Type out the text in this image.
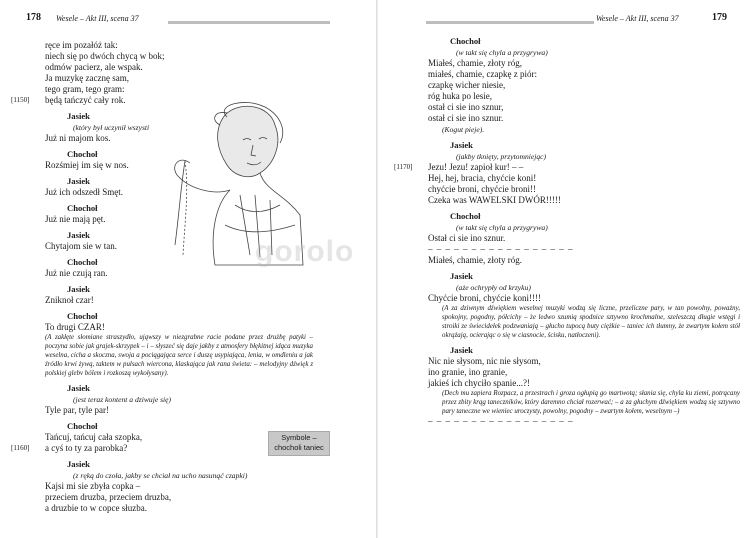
178 Wesele – Akt III, scena 37
ręce im pozałóż tak:
niech się po dwóch chycą w bok;
odmów pacierz, ale wspak.
Ja muzykę zacznę sam,
tego gram, tego gram:
[1150] będą tańczyć cały rok.
Jasiek
(który był uczynił wszysti
Już ni majom kos.
Chochoł
Rozśmiej im się w nos.
Jasiek
Już ich odszedł Smęt.
Chochoł
Już nie mają pęt.
Jasiek
Chytajom sie w tan.
Chochoł
Już nie czują ran.
Jasiek
Zniknoł czar!
Chochoł
To drugi CZAR!
(A zakłęte słomiane straszydło, ująwszy w niezgrabne racie podane przez drużbę patyki – poczyna sobie jak grajek-skrzypek – i – słyszeć się daje jakby z atmosfery błękitnej idąca muzyka weselna, cicha a skoczna, swoja a pociągająca serce i duszę usypiająca, lenia, w omdleniu a jak źródło krwi żywą, taktem w pulsach wiercona, klaskająca jak rana świeta: – melodyjny dźwięk z polskiej glebv bólem i rozkoszą wykołysany).
Jasiek
(jest teraz kontent a dziwuje się)
Tyle par, tyle par!
Chochoł
Tańcuj, tańcuj cała szopka,
[1160] a cyś to ty za parobka?
Jasiek
(z ręką do czoła, jakby se chciał na ucho nasunąć czapki)
Kajsi mi sie zbyła copka –
przeciem druzba, przeciem druzba,
a druzbie to w copce słuzba.
Symbole – chocholi taniec
Wesele – Akt III, scena 37	179
Chochoł
(w takt się chyla a przygrywa)
Miałeś, chamie, złoty róg,
miałeś, chamie, czapkę z piór:
czapkę wicher niesie,
róg huka po lesie,
ostał ci sie ino sznur,
ostał ci sie ino sznur.
(Kogut pieje).
Jasiek
(jakby tknięty, przytomniejąc)
[1170] Jezu! Jezu! zapioł kur! – –
Hej, hej, bracia, chyćcie koni!
chyćcie broni, chyćcie broni!!
Czeka was WAWELSKI DWÓR!!!!!
Chochoł
(w takt się chyla a przygrywa)
Ostał ci sie ino sznur.
– – – – – – – – – – – – – – – – –
Miałeś, chamie, złoty róg.
Jasiek
(aże ochrypły od krzyku)
Chyćcie broni, chyćcie koni!!!!
(A za dziwnym dźwiękiem weselnej muzyki wodzą się liczne, przeliczne pary, w tan powolny, poważny, spokojny, pogodny, półcichy – że ledwo szumią spodnice sztywno krochmalne, szeleszczą długie wstęgi i stroiki ze świecidełek podzwaniają – głucho tupocą buty ciężkie – taniec ich tłumny, że zwartym kołem stół okrążają, ocierając o się w ciasnocie, ścisku, natłoczeni).
Jasiek
Nic nie słysom, nic nie słysom,
ino granie, ino granie,
jakieś ich chyciło spanie...?!
(Dech mu zapiera Rozpacz, a przestrach i groza ogłupią go martwotą; słania się, chyla ku ziemi, potrącany przez zbity krąg taneczników, który daremno chciał rozerwać; – a za głuchym dźwiękiem wodzą się sztywno pary taneczne we wieniec uroczysty, powolny, pogodny – zwartym kołem, weselnym –)
– – – – – – – – – – – – – – – – –
gorolo
